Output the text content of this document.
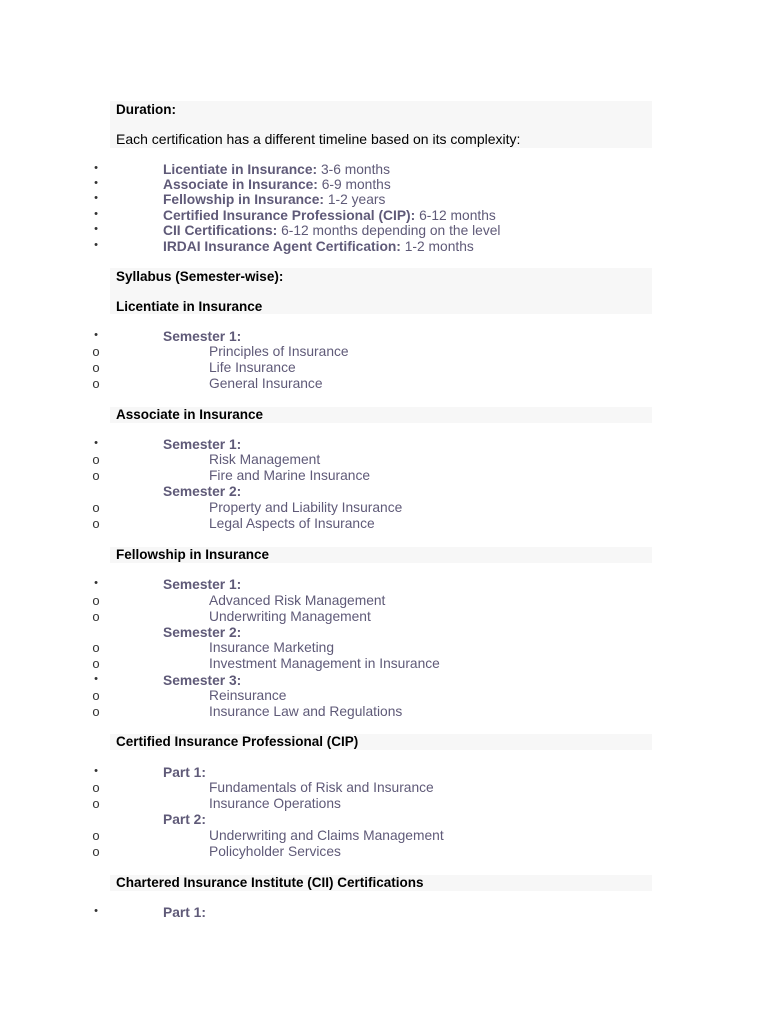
Duration:
Each certification has a different timeline based on its complexity:
•	Licentiate in Insurance: 3-6 months
•	Associate in Insurance: 6-9 months
•	Fellowship in Insurance: 1-2 years
•	Certified Insurance Professional (CIP): 6-12 months
•	CII Certifications: 6-12 months depending on the level
•	IRDAI Insurance Agent Certification: 1-2 months
Syllabus (Semester-wise):
Licentiate in Insurance
•	Semester 1:
o	Principles of Insurance
o	Life Insurance
o	General Insurance
Associate in Insurance
•	Semester 1:
o	Risk Management
o	Fire and Marine Insurance
Semester 2:
o	Property and Liability Insurance
o	Legal Aspects of Insurance
Fellowship in Insurance
•	Semester 1:
o	Advanced Risk Management
o	Underwriting Management
Semester 2:
o	Insurance Marketing
o	Investment Management in Insurance
•	Semester 3:
o	Reinsurance
o	Insurance Law and Regulations
Certified Insurance Professional (CIP)
•	Part 1:
o	Fundamentals of Risk and Insurance
o	Insurance Operations
Part 2:
o	Underwriting and Claims Management
o	Policyholder Services
Chartered Insurance Institute (CII) Certifications
•	Part 1:
